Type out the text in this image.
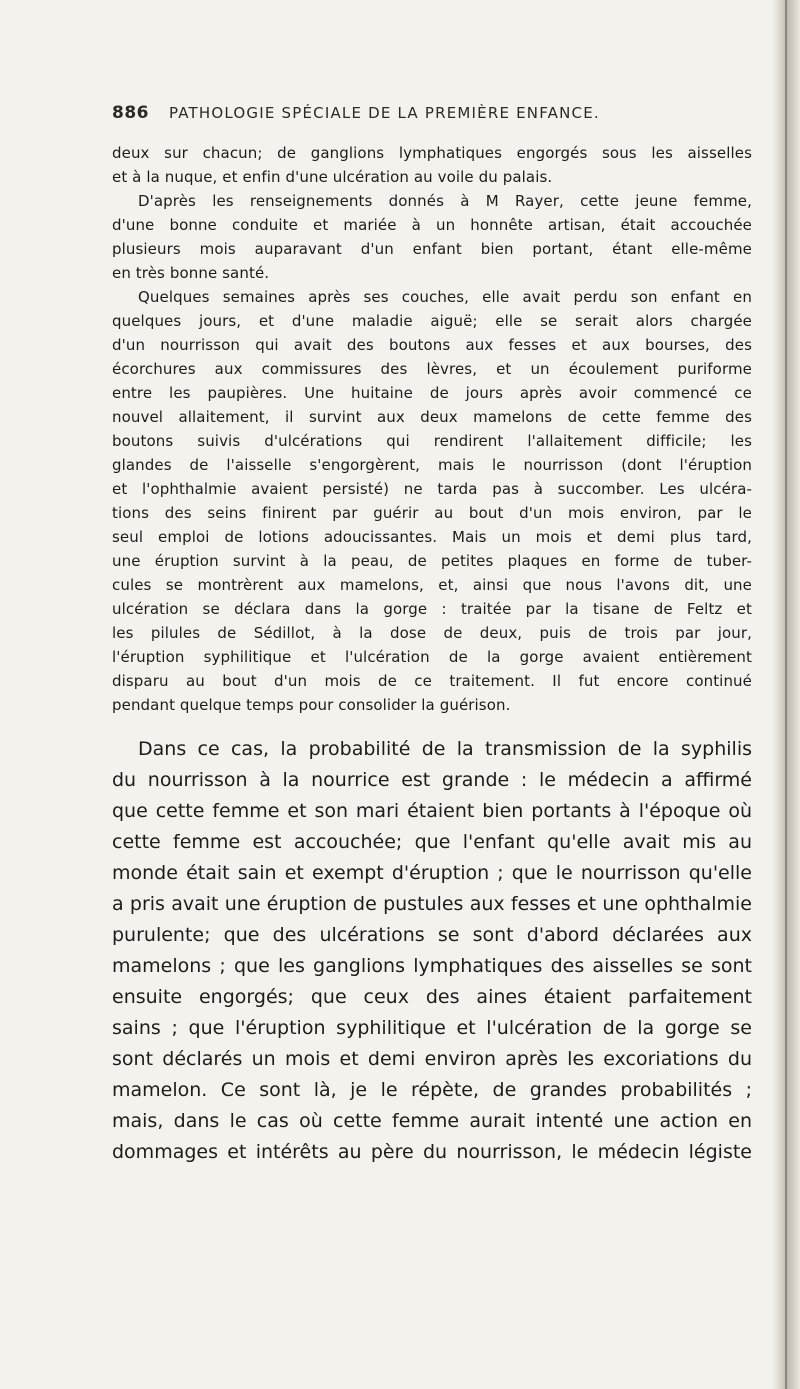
886 PATHOLOGIE SPÉCIALE DE LA PREMIÈRE ENFANCE.
deux sur chacun; de ganglions lymphatiques engorgés sous les aisselles
et à la nuque, et enfin d'une ulcération au voile du palais.
D'après les renseignements donnés à M Rayer, cette jeune femme,
d'une bonne conduite et mariée à un honnête artisan, était accouchée
plusieurs mois auparavant d'un enfant bien portant, étant elle-même
en très bonne santé.
Quelques semaines après ses couches, elle avait perdu son enfant en
quelques jours, et d'une maladie aiguë; elle se serait alors chargée
d'un nourrisson qui avait des boutons aux fesses et aux bourses, des
écorchures aux commissures des lèvres, et un écoulement puriforme
entre les paupières. Une huitaine de jours après avoir commencé ce
nouvel allaitement, il survint aux deux mamelons de cette femme des
boutons suivis d'ulcérations qui rendirent l'allaitement difficile; les
glandes de l'aisselle s'engorgèrent, mais le nourrisson (dont l'éruption
et l'ophthalmie avaient persisté) ne tarda pas à succomber. Les ulcéra-
tions des seins finirent par guérir au bout d'un mois environ, par le
seul emploi de lotions adoucissantes. Mais un mois et demi plus tard,
une éruption survint à la peau, de petites plaques en forme de tuber-
cules se montrèrent aux mamelons, et, ainsi que nous l'avons dit, une
ulcération se déclara dans la gorge : traitée par la tisane de Feltz et
les pilules de Sédillot, à la dose de deux, puis de trois par jour,
l'éruption syphilitique et l'ulcération de la gorge avaient entièrement
disparu au bout d'un mois de ce traitement. Il fut encore continué
pendant quelque temps pour consolider la guérison.
Dans ce cas, la probabilité de la transmission de la syphilis
du nourrisson à la nourrice est grande : le médecin a affirmé
que cette femme et son mari étaient bien portants à l'époque où
cette femme est accouchée; que l'enfant qu'elle avait mis au
monde était sain et exempt d'éruption ; que le nourrisson qu'elle
a pris avait une éruption de pustules aux fesses et une ophthalmie
purulente; que des ulcérations se sont d'abord déclarées aux
mamelons ; que les ganglions lymphatiques des aisselles se sont
ensuite engorgés; que ceux des aines étaient parfaitement
sains ; que l'éruption syphilitique et l'ulcération de la gorge se
sont déclarés un mois et demi environ après les excoriations du
mamelon. Ce sont là, je le répète, de grandes probabilités ;
mais, dans le cas où cette femme aurait intenté une action en
dommages et intérêts au père du nourrisson, le médecin légiste
